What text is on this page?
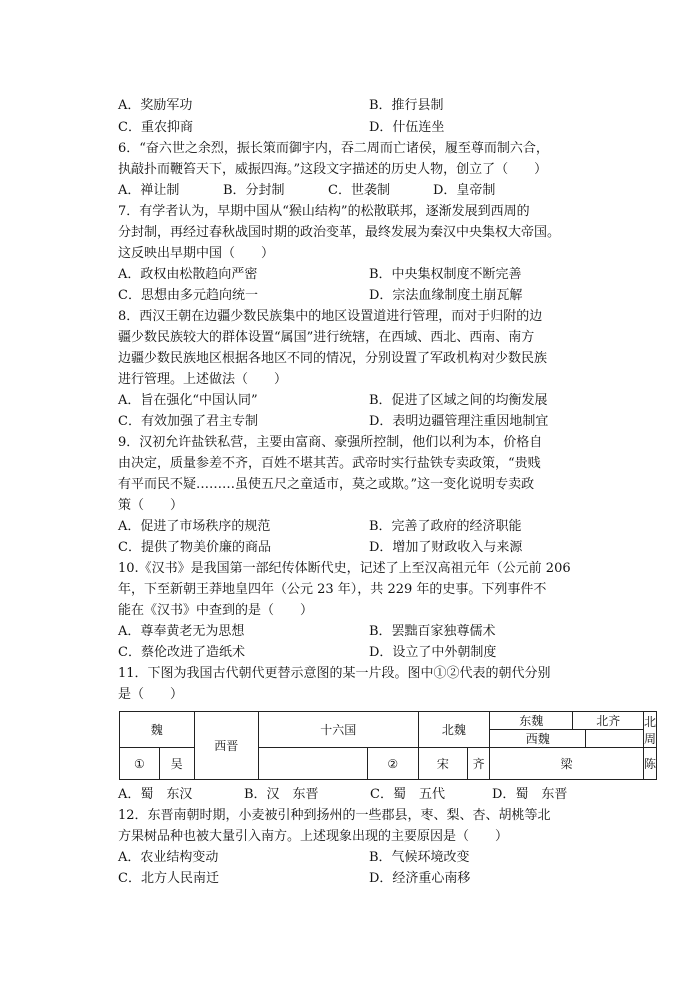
A．奖励军功	B．推行县制
C．重农抑商	D．什伍连坐
6．“奋六世之余烈，振长策而御宇内，吞二周而亡诸侯，履至尊而制六合，
执敲扑而鞭笞天下，威振四海。”这段文字描述的历史人物，创立了（　　）
A．禅让制	B．分封制	C．世袭制	D．皇帝制
7．有学者认为，早期中国从“猴山结构”的松散联邦，逐渐发展到西周的
分封制，再经过春秋战国时期的政治变革，最终发展为秦汉中央集权大帝国。
这反映出早期中国（　　）
A．政权由松散趋向严密	B．中央集权制度不断完善
C．思想由多元趋向统一	D．宗法血缘制度土崩瓦解
8．西汉王朝在边疆少数民族集中的地区设置道进行管理，而对于归附的边
疆少数民族较大的群体设置“属国”进行统辖，在西域、西北、西南、南方
边疆少数民族地区根据各地区不同的情况，分别设置了军政机构对少数民族
进行管理。上述做法（　　）
A．旨在强化“中国认同”	B．促进了区域之间的均衡发展
C．有效加强了君主专制	D．表明边疆管理注重因地制宜
9．汉初允许盐铁私营，主要由富商、豪强所控制，他们以利为本，价格自
由决定，质量参差不齐，百姓不堪其苦。武帝时实行盐铁专卖政策，“贵贱
有平而民不疑………虽使五尺之童适市，莫之或欺。”这一变化说明专卖政
策（　　）
A．促进了市场秩序的规范	B．完善了政府的经济职能
C．提供了物美价廉的商品	D．增加了财政收入与来源
10.《汉书》是我国第一部纪传体断代史，记述了上至汉高祖元年（公元前 206
年，下至新朝王莽地皇四年（公元 23 年），共 229 年的史事。下列事件不
能在《汉书》中查到的是（　　）
A．尊奉黄老无为思想	B．罢黜百家独尊儒术
C．蔡伦改进了造纸术	D．设立了中外朝制度
11．下图为我国古代朝代更替示意图的某一片段。图中①②代表的朝代分别
是（　　）
魏		西晋	十六国		北魏		东魏	北齐		北周
							西魏			
①	吴			②	宋	齐	梁			陈
A．蜀　东汉	B．汉　东晋	C．蜀　五代	D．蜀　东晋
12．东晋南朝时期，小麦被引种到扬州的一些郡县，枣、梨、杏、胡桃等北
方果树品种也被大量引入南方。上述现象出现的主要原因是（　　）
A．农业结构变动	B．气候环境改变
C．北方人民南迁	D．经济重心南移
